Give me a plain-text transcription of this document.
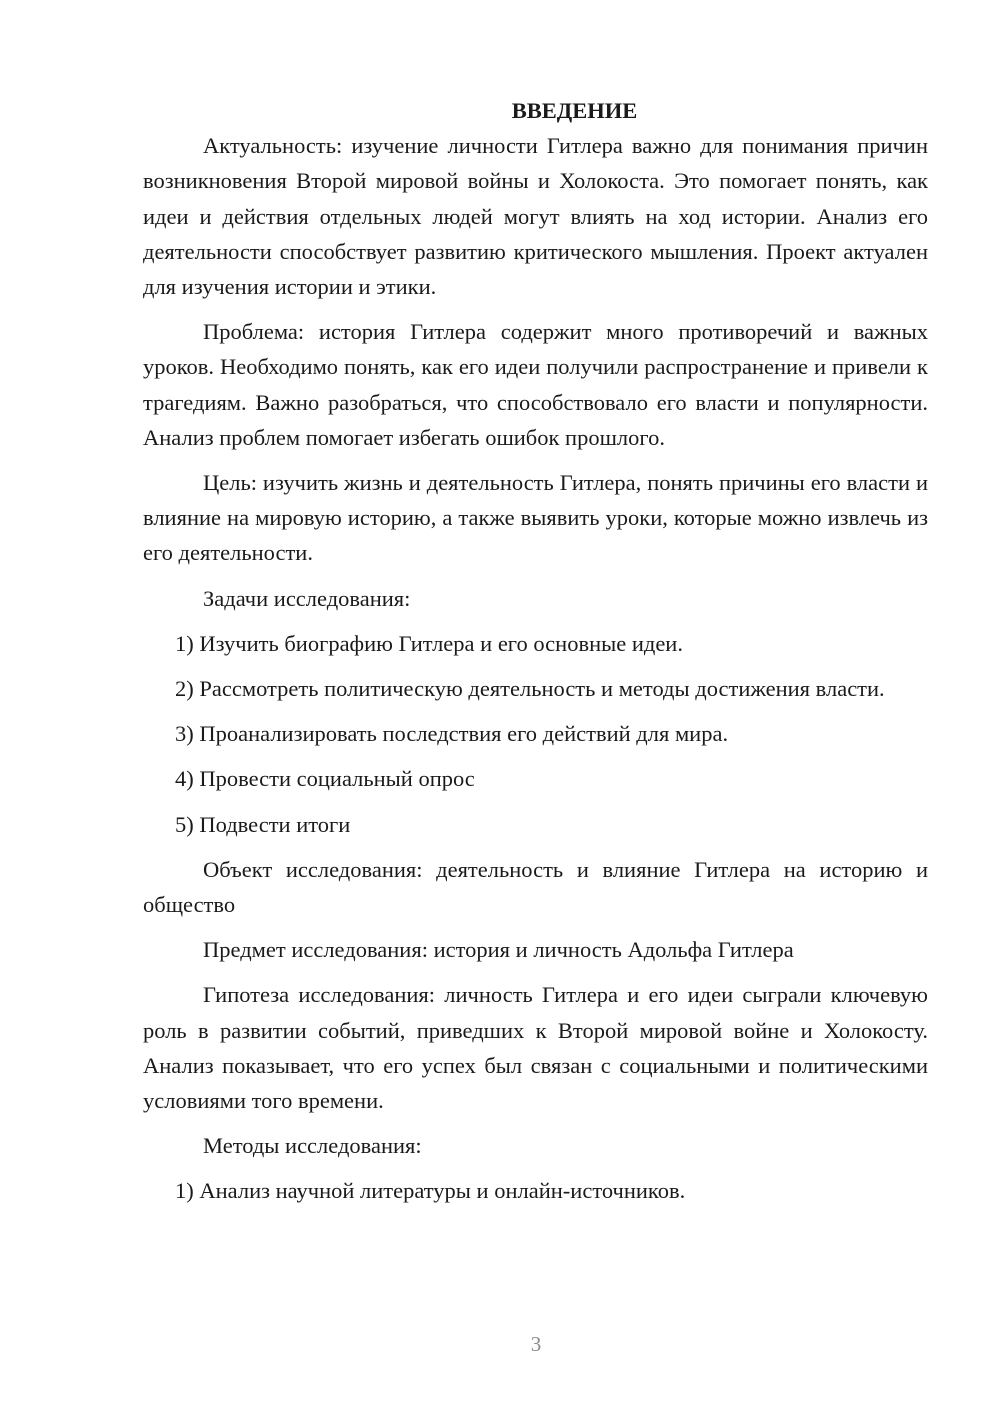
ВВЕДЕНИЕ

Актуальность: изучение личности Гитлера важно для понимания причин возникновения Второй мировой войны и Холокоста. Это помогает понять, как идеи и действия отдельных людей могут влиять на ход истории. Анализ его деятельности способствует развитию критического мышления. Проект актуален для изучения истории и этики.

Проблема: история Гитлера содержит много противоречий и важных уроков. Необходимо понять, как его идеи получили распространение и привели к трагедиям. Важно разобраться, что способствовало его власти и популярности. Анализ проблем помогает избегать ошибок прошлого.

Цель: изучить жизнь и деятельность Гитлера, понять причины его власти и влияние на мировую историю, а также выявить уроки, которые можно извлечь из его деятельности.

Задачи исследования:

1) Изучить биографию Гитлера и его основные идеи.

2) Рассмотреть политическую деятельность и методы достижения власти.

3) Проанализировать последствия его действий для мира.

4) Провести социальный опрос

5) Подвести итоги

Объект исследования: деятельность и влияние Гитлера на историю и общество

Предмет исследования: история и личность Адольфа Гитлера

Гипотеза исследования: личность Гитлера и его идеи сыграли ключевую роль в развитии событий, приведших к Второй мировой войне и Холокосту. Анализ показывает, что его успех был связан с социальными и политическими условиями того времени.

Методы исследования:

1) Анализ научной литературы и онлайн-источников.

3
